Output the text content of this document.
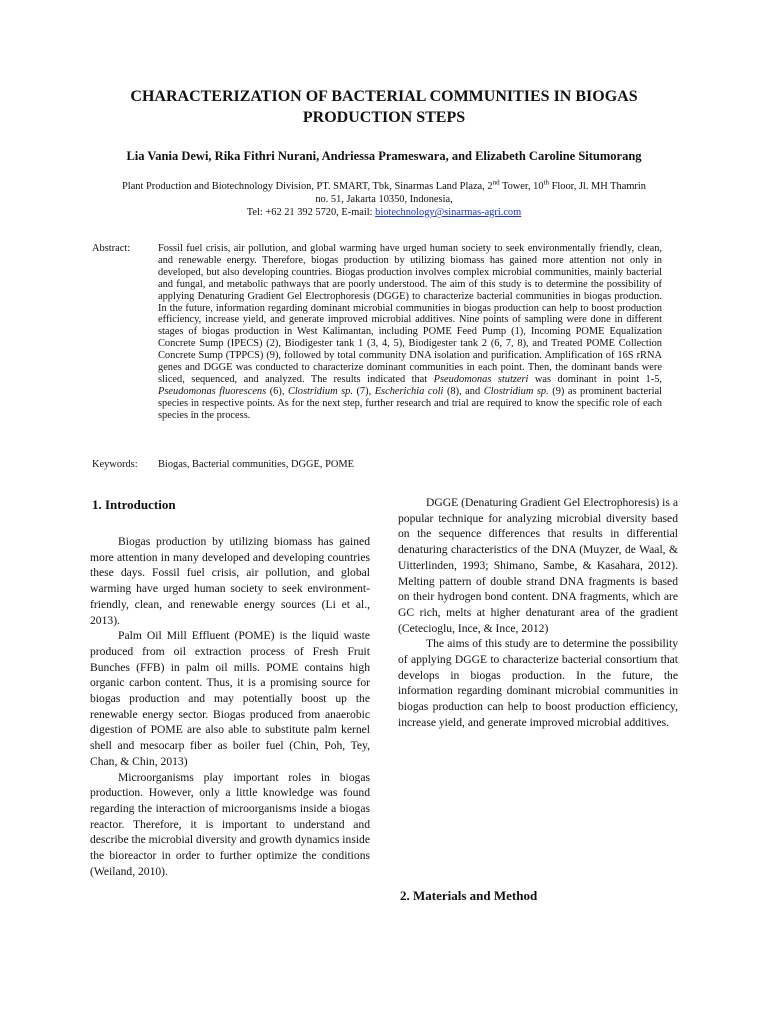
CHARACTERIZATION OF BACTERIAL COMMUNITIES IN BIOGAS
PRODUCTION STEPS
Lia Vania Dewi, Rika Fithri Nurani, Andriessa Prameswara, and Elizabeth Caroline Situmorang
Plant Production and Biotechnology Division, PT. SMART, Tbk, Sinarmas Land Plaza, 2nd Tower, 10th Floor, Jl. MH Thamrin
no. 51, Jakarta 10350, Indonesia,
Tel: +62 21 392 5720, E-mail: biotechnology@sinarmas-agri.com
Abstract:	Fossil fuel crisis, air pollution, and global warming have urged human society to seek environmentally friendly, clean, and renewable energy. Therefore, biogas production by utilizing biomass has gained more attention not only in developed, but also developing countries. Biogas production involves complex microbial communities, mainly bacterial and fungal, and metabolic pathways that are poorly understood. The aim of this study is to determine the possibility of applying Denaturing Gradient Gel Electrophoresis (DGGE) to characterize bacterial communities in biogas production. In the future, information regarding dominant microbial communities in biogas production can help to boost production efficiency, increase yield, and generate improved microbial additives. Nine points of sampling were done in different stages of biogas production in West Kalimantan, including POME Feed Pump (1), Incoming POME Equalization Concrete Sump (IPECS) (2), Biodigester tank 1 (3, 4, 5), Biodigester tank 2 (6, 7, 8), and Treated POME Collection Concrete Sump (TPPCS) (9), followed by total community DNA isolation and purification. Amplification of 16S rRNA genes and DGGE was conducted to characterize dominant communities in each point. Then, the dominant bands were sliced, sequenced, and analyzed. The results indicated that Pseudomonas stutzeri was dominant in point 1-5, Pseudomonas fluorescens (6), Clostridium sp. (7), Escherichia coli (8), and Clostridium sp. (9) as prominent bacterial species in respective points. As for the next step, further research and trial are required to know the specific role of each species in the process.
Keywords: Biogas, Bacterial communities, DGGE, POME
1. Introduction

Biogas production by utilizing biomass has gained more attention in many developed and developing countries these days. Fossil fuel crisis, air pollution, and global warming have urged human society to seek environment-friendly, clean, and renewable energy sources (Li et al., 2013).

Palm Oil Mill Effluent (POME) is the liquid waste produced from oil extraction process of Fresh Fruit Bunches (FFB) in palm oil mills. POME contains high organic carbon content. Thus, it is a promising source for biogas production and may potentially boost up the renewable energy sector. Biogas produced from anaerobic digestion of POME are also able to substitute palm kernel shell and mesocarp fiber as boiler fuel (Chin, Poh, Tey, Chan, & Chin, 2013)

Microorganisms play important roles in biogas production. However, only a little knowledge was found regarding the interaction of microorganisms inside a biogas reactor. Therefore, it is important to understand and describe the microbial diversity and growth dynamics inside the bioreactor in order to further optimize the conditions (Weiland, 2010).

DGGE (Denaturing Gradient Gel Electrophoresis) is a popular technique for analyzing microbial diversity based on the sequence differences that results in differential denaturing characteristics of the DNA (Muyzer, de Waal, & Uitterlinden, 1993; Shimano, Sambe, & Kasahara, 2012). Melting pattern of double strand DNA fragments is based on their hydrogen bond content. DNA fragments, which are GC rich, melts at higher denaturant area of the gradient (Cetecioglu, Ince, & Ince, 2012)

The aims of this study are to determine the possibility of applying DGGE to characterize bacterial consortium that develops in biogas production. In the future, the information regarding dominant microbial communities in biogas production can help to boost production efficiency, increase yield, and generate improved microbial additives.

2. Materials and Method
